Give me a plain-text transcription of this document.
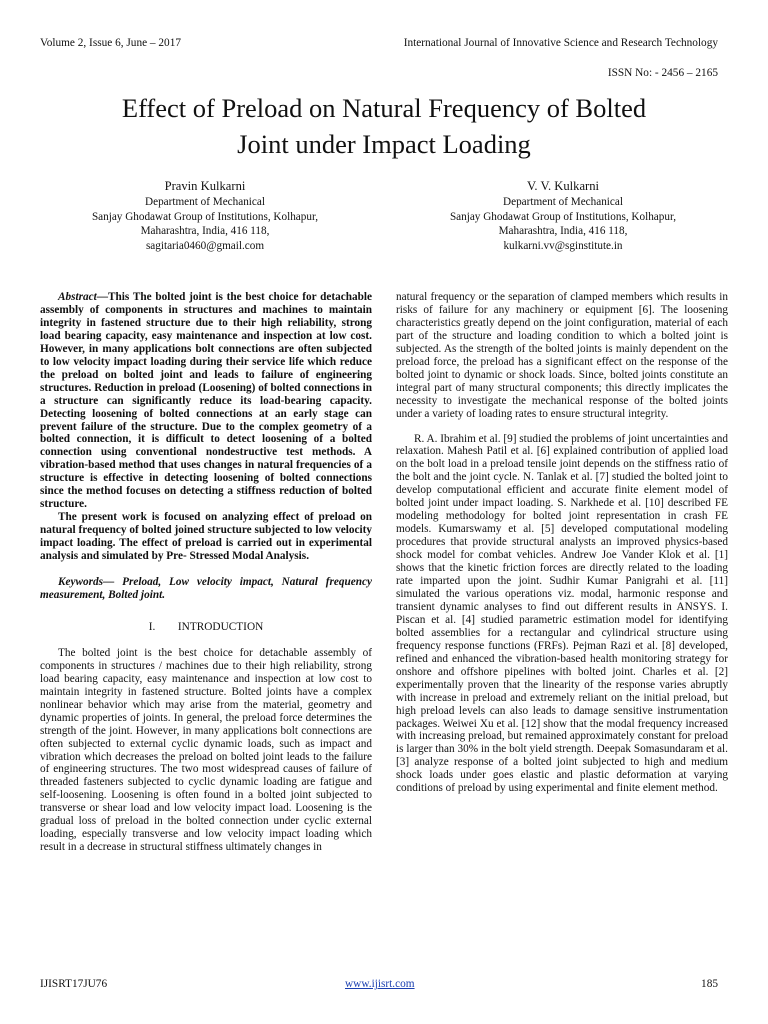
Volume 2, Issue 6, June – 2017	International Journal of Innovative Science and Research Technology
ISSN No: - 2456 – 2165
Effect of Preload on Natural Frequency of Bolted
Joint under Impact Loading
Pravin Kulkarni
Department of Mechanical
Sanjay Ghodawat Group of Institutions, Kolhapur,
Maharashtra, India, 416 118,
sagitaria0460@gmail.com
V. V. Kulkarni
Department of Mechanical
Sanjay Ghodawat Group of Institutions, Kolhapur,
Maharashtra, India, 416 118,
kulkarni.vv@sginstitute.in

Abstract—This The bolted joint is the best choice for detachable assembly of components in structures and machines to maintain integrity in fastened structure due to their high reliability, strong load bearing capacity, easy maintenance and inspection at low cost. However, in many applications bolt connections are often subjected to low velocity impact loading during their service life which reduce the preload on bolted joint and leads to failure of engineering structures. Reduction in preload (Loosening) of bolted connections in a structure can significantly reduce its load-bearing capacity. Detecting loosening of bolted connections at an early stage can prevent failure of the structure. Due to the complex geometry of a bolted connection, it is difficult to detect loosening of a bolted connection using conventional nondestructive test methods. A vibration-based method that uses changes in natural frequencies of a structure is effective in detecting loosening of bolted connections since the method focuses on detecting a stiffness reduction of bolted structure.

The present work is focused on analyzing effect of preload on natural frequency of bolted joined structure subjected to low velocity impact loading. The effect of preload is carried out in experimental analysis and simulated by Pre- Stressed Modal Analysis.

Keywords— Preload, Low velocity impact, Natural frequency measurement, Bolted joint.

I.        INTRODUCTION

The bolted joint is the best choice for detachable assembly of components in structures / machines due to their high reliability, strong load bearing capacity, easy maintenance and inspection at low cost to maintain integrity in fastened structure. Bolted joints have a complex nonlinear behavior which may arise from the material, geometry and dynamic properties of joints. In general, the preload force determines the strength of the joint. However, in many applications bolt connections are often subjected to external cyclic dynamic loads, such as impact and vibration which decreases the preload on bolted joint leads to the failure of engineering structures. The two most widespread causes of failure of threaded fasteners subjected to cyclic dynamic loading are fatigue and self-loosening. Loosening is often found in a bolted joint subjected to transverse or shear load and low velocity impact load. Loosening is the gradual loss of preload in the bolted connection under cyclic external loading, especially transverse and low velocity impact loading which result in a decrease in structural stiffness ultimately changes in

natural frequency or the separation of clamped members which results in risks of failure for any machinery or equipment [6]. The loosening characteristics greatly depend on the joint configuration, material of each part of the structure and loading condition to which a bolted joint is subjected. As the strength of the bolted joints is mainly dependent on the preload force, the preload has a significant effect on the response of the bolted joint to dynamic or shock loads. Since, bolted joints constitute an integral part of many structural components; this directly implicates the necessity to investigate the mechanical response of the bolted joints under a variety of loading rates to ensure structural integrity.

R. A. Ibrahim et al. [9] studied the problems of joint uncertainties and relaxation. Mahesh Patil et al. [6] explained contribution of applied load on the bolt load in a preload tensile joint depends on the stiffness ratio of the bolt and the joint cycle. N. Tanlak et al. [7] studied the bolted joint to develop computational efficient and accurate finite element model of bolted joint under impact loading. S. Narkhede et al. [10] described FE modeling methodology for bolted joint representation in crash FE models. Kumarswamy et al. [5] developed computational modeling procedures that provide structural analysts an improved physics-based shock model for combat vehicles. Andrew Joe Vander Klok et al. [1] shows that the kinetic friction forces are directly related to the loading rate imparted upon the joint. Sudhir Kumar Panigrahi et al. [11] simulated the various operations viz. modal, harmonic response and transient dynamic analyses to find out different results in ANSYS. I. Piscan et al. [4] studied parametric estimation model for identifying bolted assemblies for a rectangular and cylindrical structure using frequency response functions (FRFs). Pejman Razi et al. [8] developed, refined and enhanced the vibration-based health monitoring strategy for onshore and offshore pipelines with bolted joint. Charles et al. [2] experimentally proven that the linearity of the response varies abruptly with increase in preload and extremely reliant on the initial preload, but high preload levels can also leads to damage sensitive instrumentation packages. Weiwei Xu et al. [12] show that the modal frequency increased with increasing preload, but remained approximately constant for preload is larger than 30% in the bolt yield strength. Deepak Somasundaram et al. [3] analyze response of a bolted joint subjected to high and medium shock loads under goes elastic and plastic deformation at varying conditions of preload by using experimental and finite element method.

IJISRT17JU76	www.ijisrt.com	185
